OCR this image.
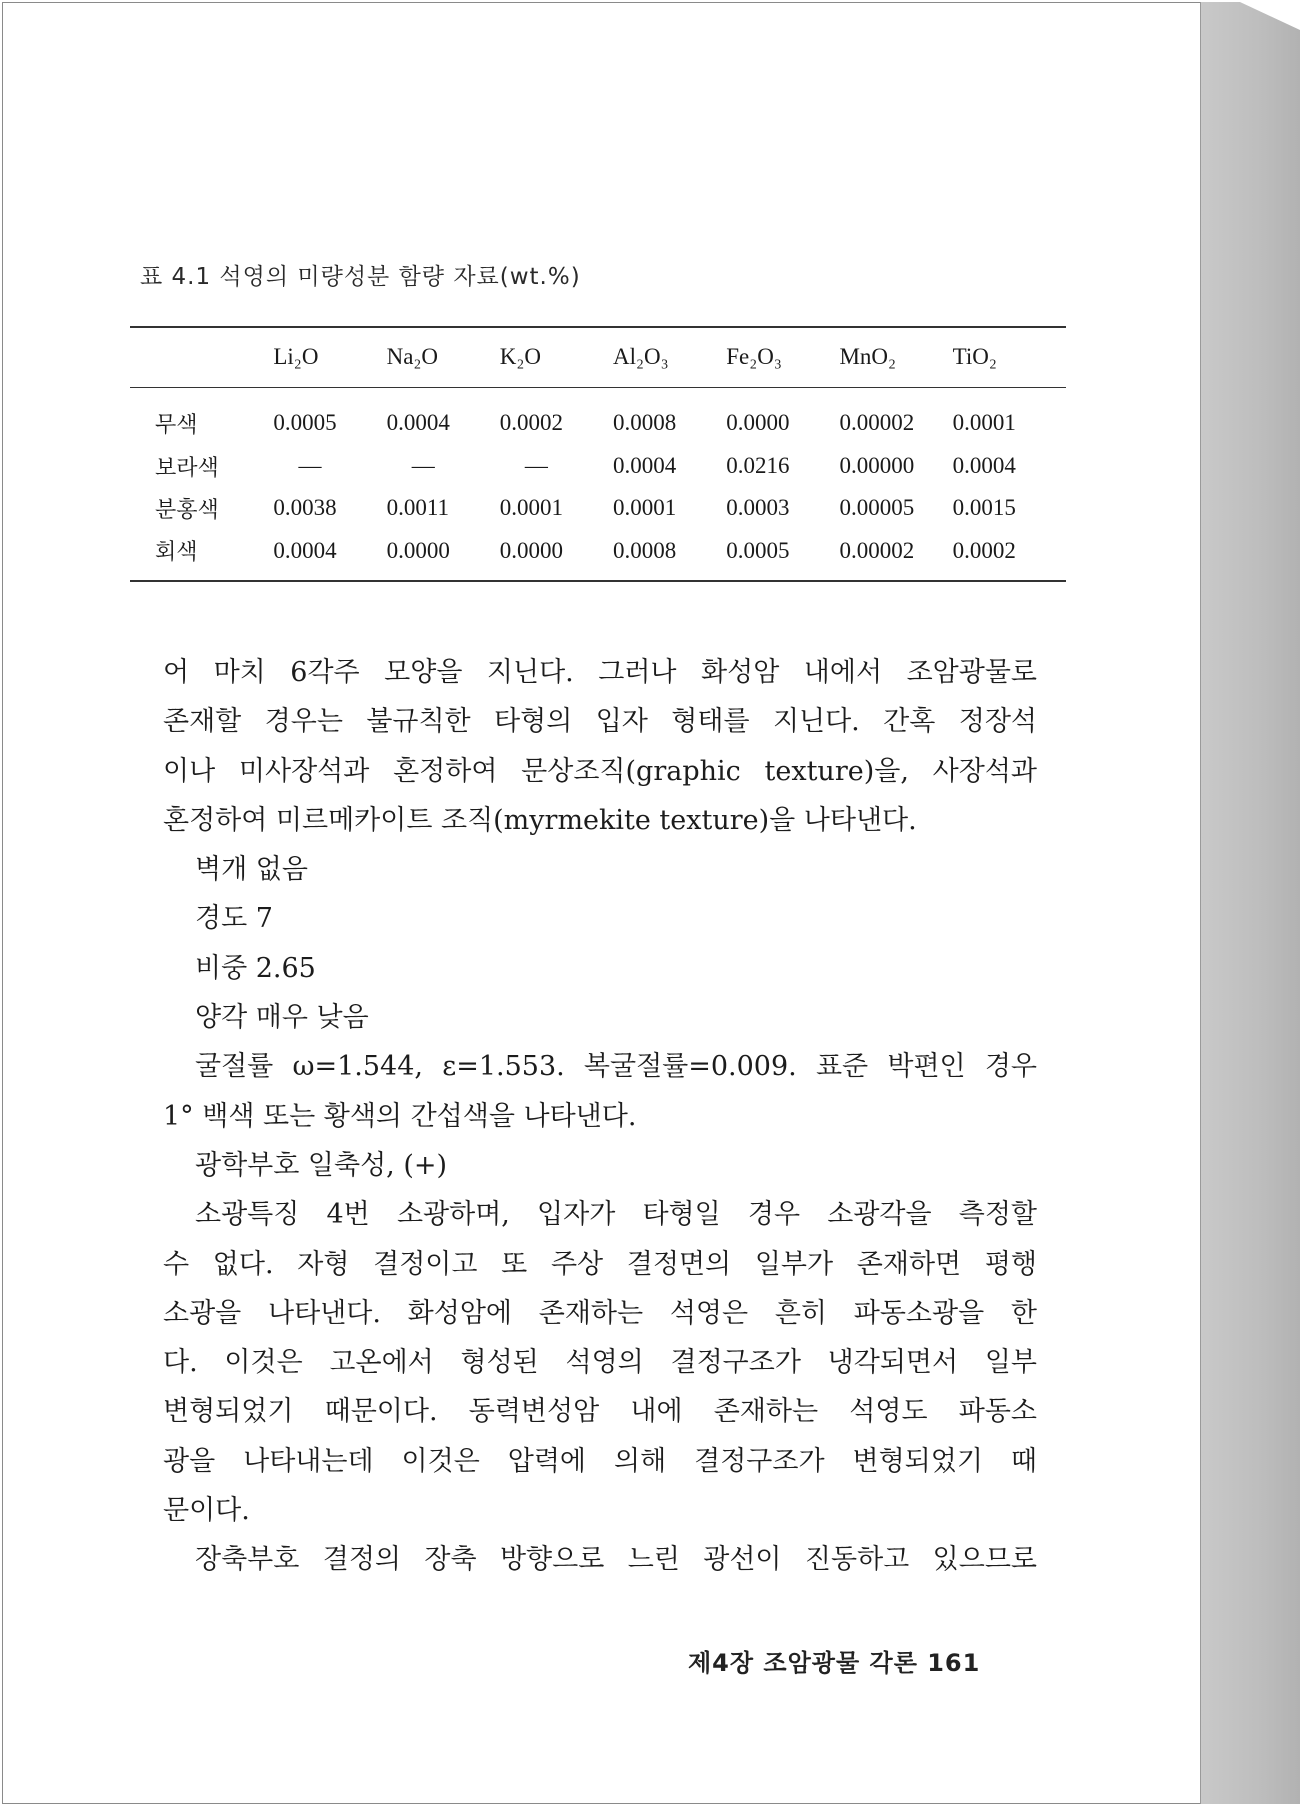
표 4.1 석영의 미량성분 함량 자료(wt.%)
	Li₂O	Na₂O	K₂O	Al₂O₃	Fe₂O₃	MnO₂	TiO₂
무색	0.0005	0.0004	0.0002	0.0008	0.0000	0.00002	0.0001
보라색	—	—	—	0.0004	0.0216	0.00000	0.0004
분홍색	0.0038	0.0011	0.0001	0.0001	0.0003	0.00005	0.0015
회색	0.0004	0.0000	0.0000	0.0008	0.0005	0.00002	0.0002
어 마치 6각주 모양을 지닌다. 그러나 화성암 내에서 조암광물로
존재할 경우는 불규칙한 타형의 입자 형태를 지닌다. 간혹 정장석
이나 미사장석과 혼정하여 문상조직(graphic texture)을, 사장석과
혼정하여 미르메카이트 조직(myrmekite texture)을 나타낸다.
벽개 없음
경도 7
비중 2.65
양각 매우 낮음
굴절률 ω=1.544, ε=1.553. 복굴절률=0.009. 표준 박편인 경우
1° 백색 또는 황색의 간섭색을 나타낸다.
광학부호 일축성, (+)
소광특징 4번 소광하며, 입자가 타형일 경우 소광각을 측정할
수 없다. 자형 결정이고 또 주상 결정면의 일부가 존재하면 평행
소광을 나타낸다. 화성암에 존재하는 석영은 흔히 파동소광을 한
다. 이것은 고온에서 형성된 석영의 결정구조가 냉각되면서 일부
변형되었기 때문이다. 동력변성암 내에 존재하는 석영도 파동소
광을 나타내는데 이것은 압력에 의해 결정구조가 변형되었기 때
문이다.
장축부호 결정의 장축 방향으로 느린 광선이 진동하고 있으므로
제4장 조암광물 각론 161
